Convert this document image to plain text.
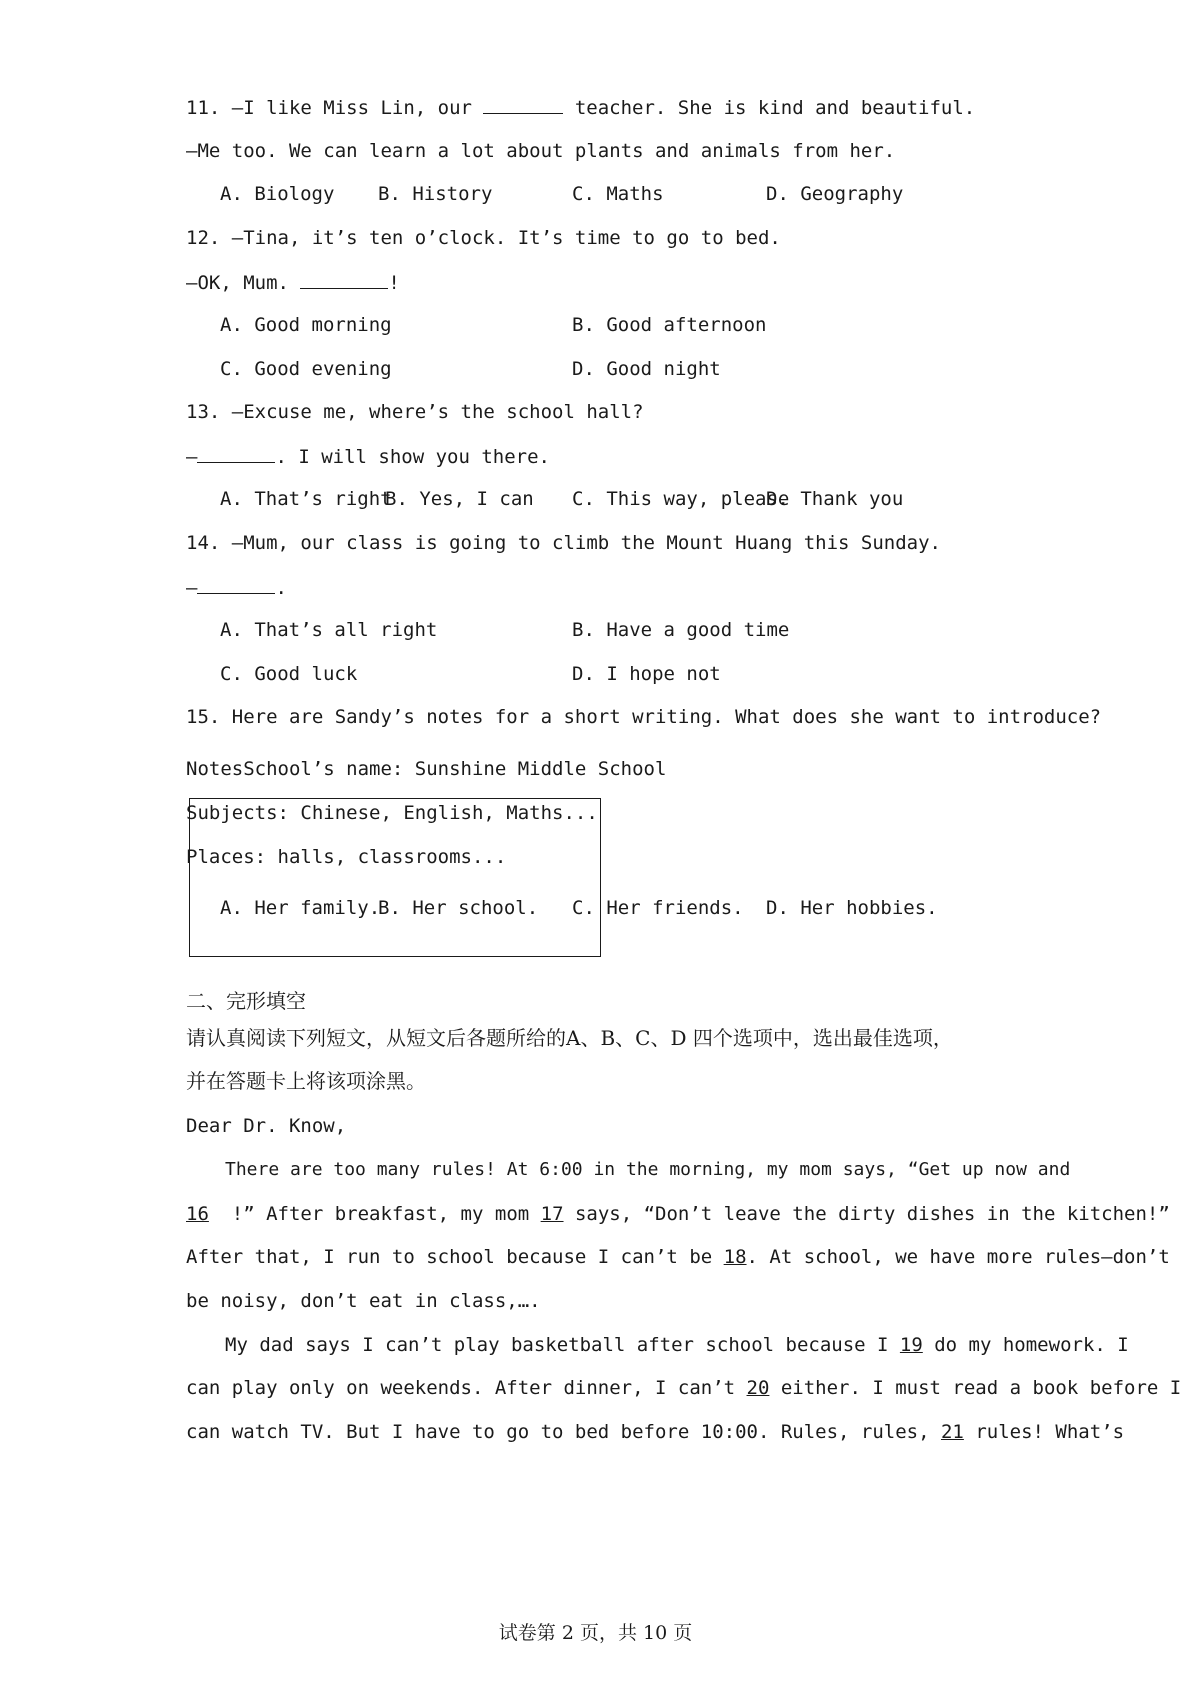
11. —I like Miss Lin, our	teacher. She is kind and beautiful.
—Me too. We can learn a lot about plants and animals from her.
A. Biology B. History	C. Maths	D. Geography
12. —Tina, it’s ten o’clock. It’s time to go to bed.
—OK, Mum.	!
A. Good morning	B. Good afternoon
C. Good evening	D. Good night
13. —Excuse me, where’s the school hall?
—	. I will show you there.
A. That’s right
B. Yes, I can C. This way, please
D. Thank you
14. —Mum, our class is going to climb the Mount Huang this Sunday.
—	.
A. That’s all right	B. Have a good time
C. Good luck	D. I hope not
15. Here are Sandy’s notes for a short writing. What does she want to introduce?
NotesSchool’s name: Sunshine Middle School
Subjects: Chinese, English, Maths...
Places: halls, classrooms...
A. Her family.
B. Her school. C. Her friends. D. Her hobbies.
二、完形填空
请认真阅读下列短文，从短文后各题所给的A、B、C、D 四个选项中，选出最佳选项，
并在答题卡上将该项涂黑。
Dear Dr. Know,
There are too many rules! At 6:00 in the morning, my mom says, “Get up now and
16 !” After breakfast, my mom 17 says, “Don’t leave the dirty dishes in the kitchen!”
After that, I run to school because I can’t be 18. At school, we have more rules—don’t
be noisy, don’t eat in class,….
My dad says I can’t play basketball after school because I 19 do my homework. I
can play only on weekends. After dinner, I can’t 20 either. I must read a book before I
can watch TV. But I have to go to bed before 10:00. Rules, rules, 21 rules! What’s
试卷第 2 页，共 10 页
